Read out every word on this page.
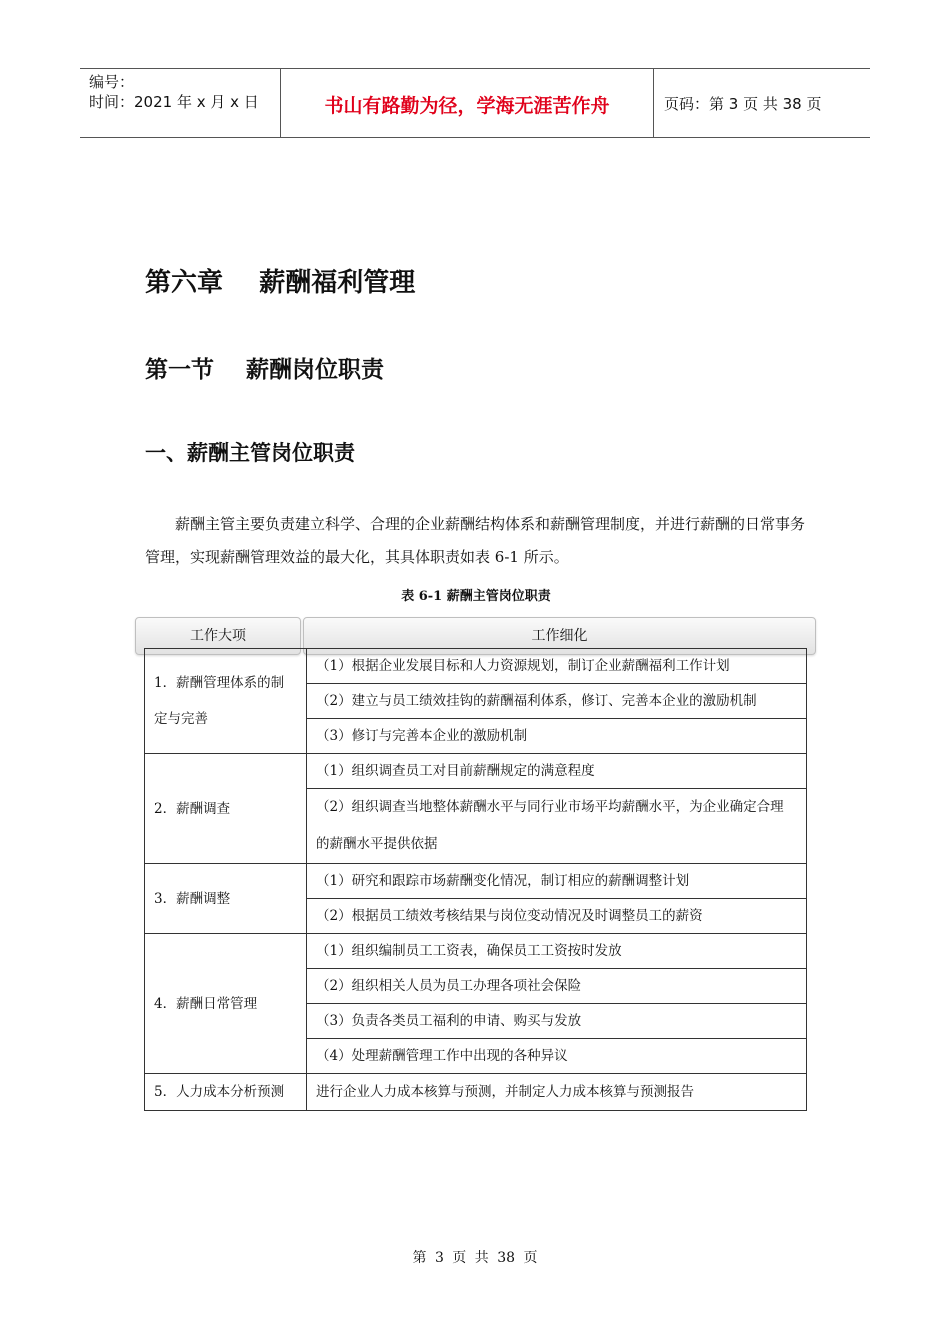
编号：
时间：2021 年 x 月 x 日	书山有路勤为径，学海无涯苦作舟	页码：第 3 页 共 38 页
第六章    薪酬福利管理
第一节    薪酬岗位职责
一、薪酬主管岗位职责

薪酬主管主要负责建立科学、合理的企业薪酬结构体系和薪酬管理制度，并进行薪酬的日常事务管理，实现薪酬管理效益的最大化，其具体职责如表 6-1 所示。

表 6-1 薪酬主管岗位职责
工作大项	工作细化
1．薪酬管理体系的制定与完善	（1）根据企业发展目标和人力资源规划，制订企业薪酬福利工作计划
	（2）建立与员工绩效挂钩的薪酬福利体系，修订、完善本企业的激励机制
	（3）修订与完善本企业的激励机制
2．薪酬调查	（1）组织调查员工对目前薪酬规定的满意程度
	（2）组织调查当地整体薪酬水平与同行业市场平均薪酬水平，为企业确定合理的薪酬水平提供依据
3．薪酬调整	（1）研究和跟踪市场薪酬变化情况，制订相应的薪酬调整计划
	（2）根据员工绩效考核结果与岗位变动情况及时调整员工的薪资
4．薪酬日常管理	（1）组织编制员工工资表，确保员工工资按时发放
	（2）组织相关人员为员工办理各项社会保险
	（3）负责各类员工福利的申请、购买与发放
	（4）处理薪酬管理工作中出现的各种异议
5．人力成本分析预测	进行企业人力成本核算与预测，并制定人力成本核算与预测报告
第 3 页 共 38 页
